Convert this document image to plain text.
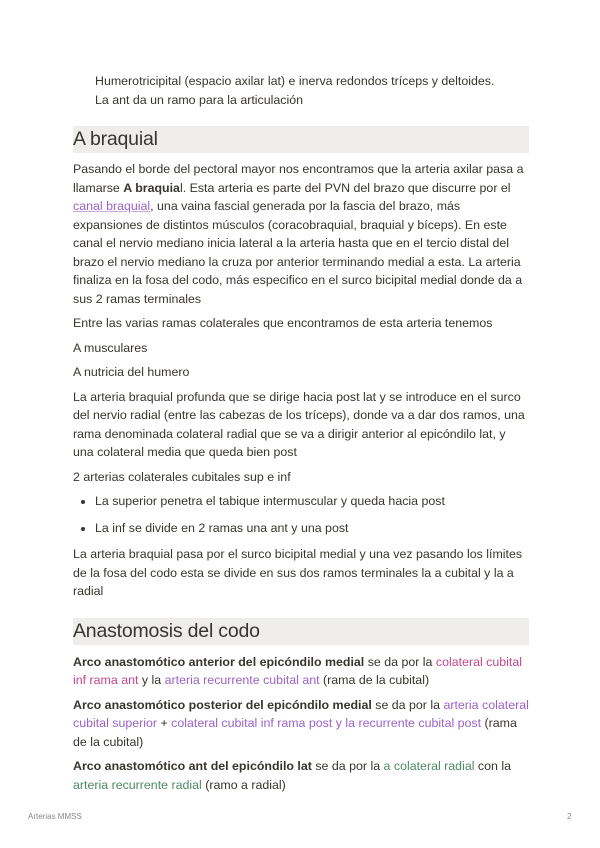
Humerotricipital (espacio axilar lat) e inerva redondos tríceps y deltoides.

La ant da un ramo para la articulación

A braquial

Pasando el borde del pectoral mayor nos encontramos que la arteria axilar pasa a llamarse A braquial. Esta arteria es parte del PVN del brazo que discurre por el canal braquial, una vaina fascial generada por la fascia del brazo, más expansiones de distintos músculos (coracobraquial, braquial y bíceps). En este canal el nervio mediano inicia lateral a la arteria hasta que en el tercio distal del brazo el nervio mediano la cruza por anterior terminando medial a esta. La arteria finaliza en la fosa del codo, más especifico en el surco bicipital medial donde da a sus 2 ramas terminales

Entre las varias ramas colaterales que encontramos de esta arteria tenemos

A musculares

A nutricia del humero

La arteria braquial profunda que se dirige hacia post lat y se introduce en el surco del nervio radial (entre las cabezas de los tríceps), donde va a dar dos ramos, una rama denominada colateral radial que se va a dirigir anterior al epicóndilo lat, y una colateral media que queda bien post

2 arterias colaterales cubitales sup e inf

• La superior penetra el tabique intermuscular y queda hacia post
• La inf se divide en 2 ramas una ant y una post

La arteria braquial pasa por el surco bicipital medial y una vez pasando los límites de la fosa del codo esta se divide en sus dos ramos terminales la a cubital y la a radial

Anastomosis del codo

Arco anastomótico anterior del epicóndilo medial se da por la colateral cubital inf rama ant y la arteria recurrente cubital ant (rama de la cubital)

Arco anastomótico posterior del epicóndilo medial se da por la arteria colateral cubital superior + colateral cubital inf rama post y la recurrente cubital post (rama de la cubital)

Arco anastomótico ant del epicóndilo lat se da por la a colateral radial con la arteria recurrente radial (ramo a radial)

Arterias MMSS	2
